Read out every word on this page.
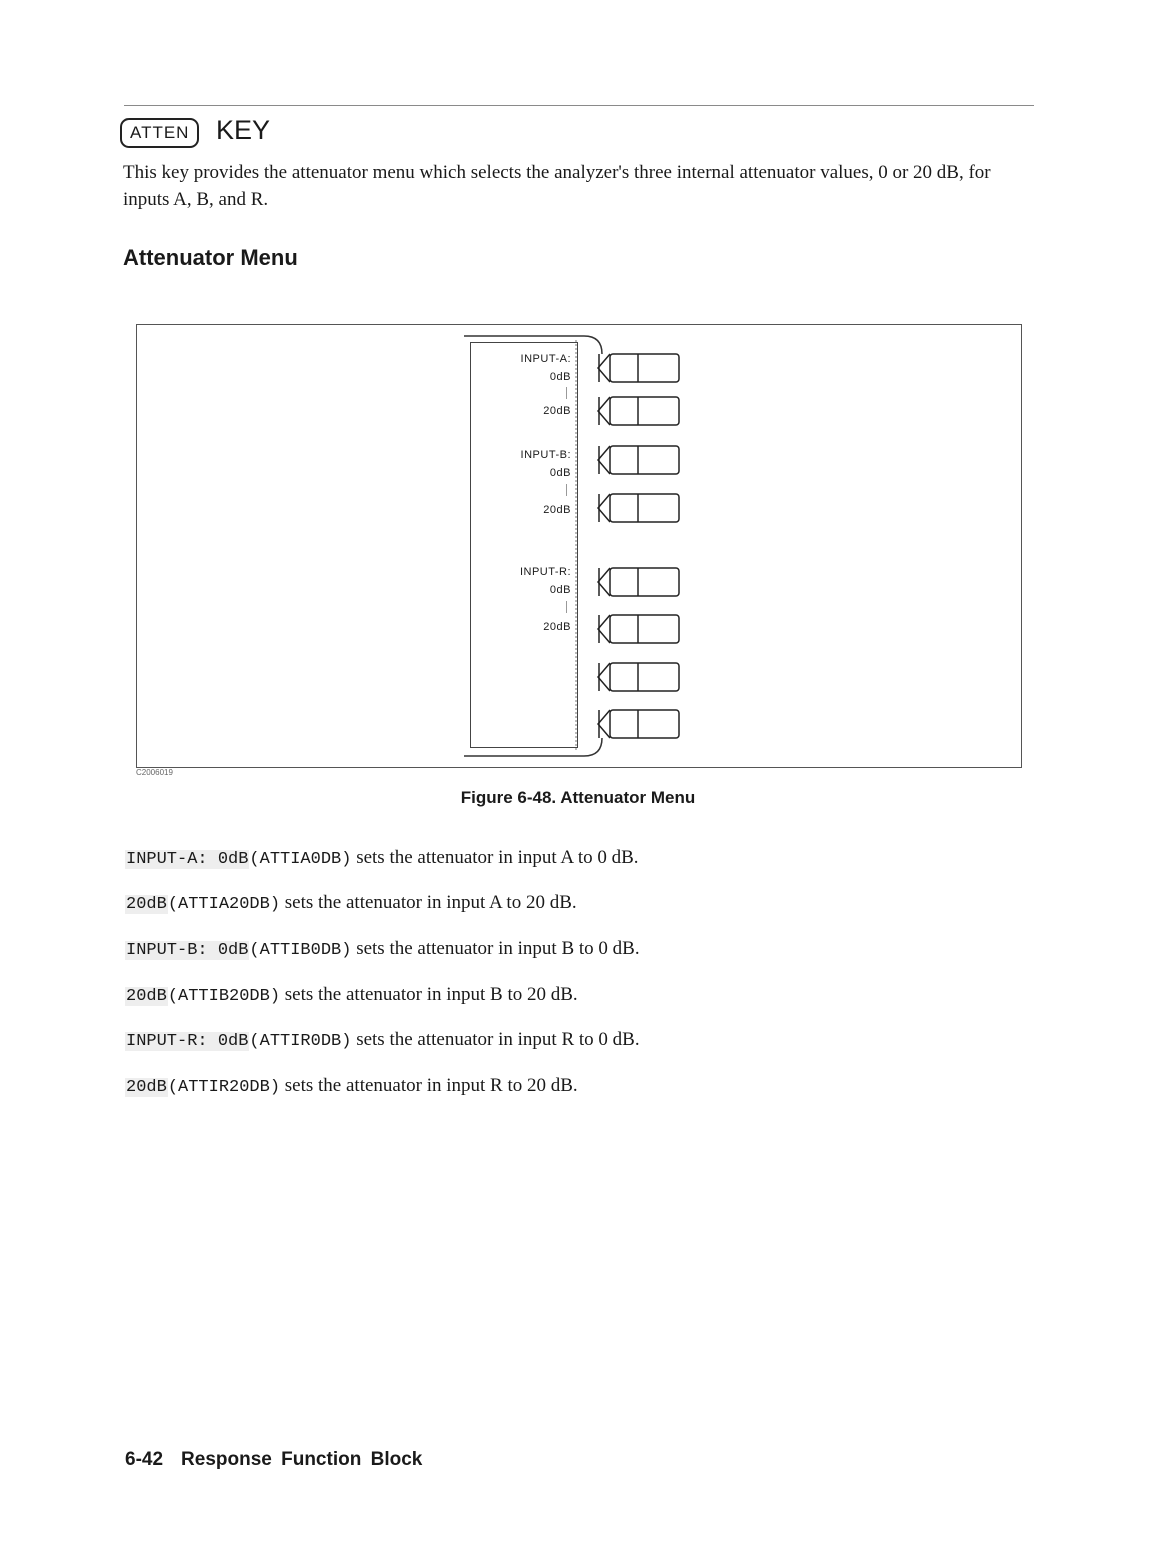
ATTEN KEY

This key provides the attenuator menu which selects the analyzer's three internal attenuator values, 0 or 20 dB, for inputs A, B, and R.

Attenuator Menu
INPUT-A:
0dB
20dB
INPUT-B:
0dB
20dB
INPUT-R:
0dB
20dB
C2006019
Figure 6-48. Attenuator Menu
INPUT-A: 0dB(ATTIA0DB) sets the attenuator in input A to 0 dB.
20dB(ATTIA20DB) sets the attenuator in input A to 20 dB.
INPUT-B: 0dB(ATTIB0DB) sets the attenuator in input B to 0 dB.
20dB(ATTIB20DB) sets the attenuator in input B to 20 dB.
INPUT-R: 0dB(ATTIR0DB) sets the attenuator in input R to 0 dB.
20dB(ATTIR20DB) sets the attenuator in input R to 20 dB.
6-42 Response Function Block
